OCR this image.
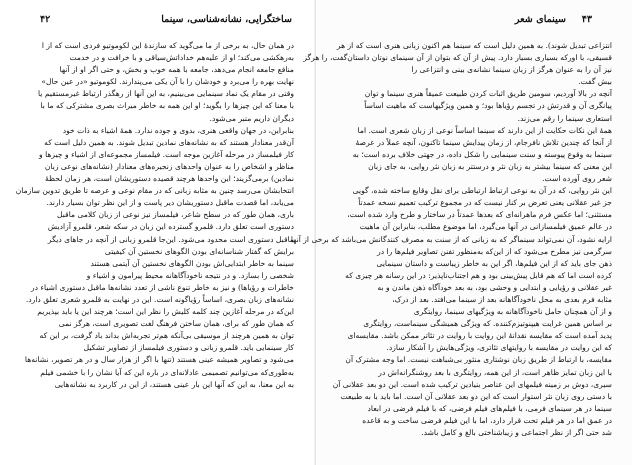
۴۲	ساختگرایی، نشانه‌شناسی، سینما
در همان حال، به برخی از ما می‌گوید که سازندهٔ این لکوموتیو فردی است که از ا
به‌رهکشی می‌کند؛ او از علیه‌هم خداداتش‌سیاقی و با خرافت و در خدمت
منافع جامعه انجام می‌دهد، جامعه با همه خوب و بخش، و حتی اگر او از آنها
نهایت بهره را می‌برد و خودشان را با آن یکی می‌پندارند. لکوموتیو «در عین حال»
وقتی در مقام یک نماد سینمایی می‌بینیم، به این آنها از رهگذر ارتباط غیرمستقیم یا
با معنا که این چیزها را بگوید؛ او این همه به خاطر میراث بصری مشترکی که ما با
دیگران داریم متبر می‌شود.
بنابراین، در جهان واقعی هنری، بدوی و جوده ندارد. همهٔ اشیاء به ذات خود
آن‌قدر معنادار هستند که به نشانه‌های نمادین تبدیل شوند. به همین دلیل است که
کار فیلمساز در مرحله آغازین موجه است. فیلمساز مجموعه‌ای از اشیاء و چیزها و
مناظر و اشخاص را به عنوان واحدهای زنجیره‌های معنادار (نشانه‌های نوعی زبان
نمادین) بر‌می‌گزیند؛ این واحدها هرچند قصیده دستوریشان است، هر زمان لحظهٔ
انتخابشان می‌رسد چنین به مثابه زبانی که در مقام نوعی و عرصه تا طریق تدوین سازمان
می‌یابد، اما قصدت ماقبل دستوریشان دیر پاست و از این نظر توان بسیار دارند.
باری، همان طور که در سطح شاعر، فیلمساز نیز نوعی از زبان کلامی ماقبل
دستوری است تعلق دارد. قلمرو گسترده این زبان در سکه شعر، قلمرو آزادیش
ماقبل دستوری است محدود می‌شود. این‌جا قلمرو زبانی از آنچه در جاهای دیگر
برایش که گفتار شناسانه‌ای بودن الگوهای نخستین آن کیفیتی
سینما به خاطر ابتدایی‌اش بودن الگوهای نخستین آن آیتمی هستند
شخصی را بسازد. و در نتیجه ناخودآگاهانه محیط پیرامون و اشیاء و
خاطرات و رؤیاها) و نیز به خاطر تنوع ناشی از تعدد نشانه‌ها ماقبل دستوری اشیاء در
نشانه‌های زبان بصری، اساساً رؤیاگونه است. این در نهایت به قلمرو شعری تعلق دارد.
این‌که در مرحله آغازین چند کلمه کلیش را نظر این است؛ هرچند این یا باید بپذیریم
که همان طور که برای، همان ساختن فرهنگ لغت تصویری است، هرگز نمی
توان به همین هرچند از موسیقی بی‌آنکه هم‌تر تجربه‌اش بداند باد گرفت، بر این که
کار سینمایی باید. قلمرو زبانی و دستوری فیلمساز از تصاویر تشکیل
می‌شود و تصاویر همیشه عینی هستند (تنها با اگر از هزار سال و در هر تصویر، نشانه‌ها
به‌طوری‌که می‌توانیم تصمیمی عادلانه‌ای در باره این که آیا نشان را با خشمی فیلم
به این معنا، به این که آنها این بار عینی هستند، از این در کاربرد به نشانه‌هایی
۴۳
سینمای شعر
انتزاعی تبدیل شوند). به همین دلیل است که سینما هم اکنون زبانی هنری است که از هر
قسیقی، با اورکه بسیاری بسیار دارد. پیش از آن که بتوان از آن سینمای نوتان داستان‌گفت، را هرگز
نیز آن را به عنوان هرگز از زبان سینما نشانه‌ی بینی و انتزاعی را
بیش گفت.
آنچه در بالا آوردیم، سومین طریق اثبات کردن طبیعت عمیقاً هنری سینما و توان
پیانگری آن و قدرتش در تجسم رؤیاها بود؛ و همین ویژگیهاست که ماهیت اساساً
استعاری سینما را رقم می‌زند.
همهٔ این نکات حکایت از این دارند که سینما اساساً نوعی از زبان شعری است. اما
از آنجا که چندین تلاش نافرجام، از زمان پیدایش سینما تاکنون، آنچه عملاً در عرصهٔ
سینما به وقوع پیوسته و سنت سینمایی را شکل داده، در جهتی خلاف برده است؛ به
این معنی که سینما بیشتر به زبان نثر و درستتر به زبان نثر روایی، به جای زبان
شعر روی آورده است.
این نثر روایی، که در آن به نوعی ارتباط ارتباطی برای نقل وقایع ساخته شده، گویی
جز غیر عقلانی یعنی تعرض بر کنار نیست که در مجموع ترکیب تعمیم نسخه عمدتاً
مستثنی؛ اما عکس فرم ماهرانه‌ای که بعدها عمدتاً در ساختار و طرح وارد شده است،
در عالم عمیق فیلمسازانی در آنها می‌گیرد، اما موضوع مطلب، بنابراین آن ماهیت
ارایه نشود، آن نمی‌تواند سینماگر که به زبانی که از سنت به مصرف کنندگانش می‌باشد که برخی از آنها
سرگرمی نیز مطرح می‌شود که از این‌که به‌منظور تفنن تصاویر فیلم‌ها را در
ذهن جای باید که از این فیلم‌ها، اگر این به خاطر زیباست و داستان سینمایی
کرده است اما که هم قابل پیش‌بینی بود و هم اجتناب‌ناپذیر: در این رسانه هر چیزی که
غیر عقلانی و رؤیایی و ابتدایی و وحشی بود، به بعد خودآگاه ذهن ماندن و به
مثابه فرم بعدی به محل ناخودآگاهانه بعد از سینما می‌افتد. بعد از درک،
و از آن همچنان حامل ناخودآگاهانه به ویژگیهای سینما، روایتگری
بر اساس همین غرایت هیپنوتیزم‌کننده. که ویژگی همیشگی سینماست، روایتگری
پدید آمده است که مقایسه نقدانهٔ این روایت با روایت در تئاتر ممکن باشد. مقایسه‌ای
که این روایت در مقایسه با روایتهای تئاتری، ویژگی‌هایش را آشکار سازد.
مقایسه، با ارتباط از طریق زبان نوشتاری منثور بی‌شباهت نیست. اما وجه مشترک آن
با این زبان تمایز ظاهر است، از این همه، روایتگری با بعد روشنگرانه‌اش در
سیری، دوش بر زمینه فیلمهای این عناصر بنیادین ترکیب شده است. این دو بعد عقلانی آن
با دستی روی زبان نثر استوار است که این دو بعد عقلانی آن است. اما باید با به طبیعت
سینما در هر سینمای فرمی، با فیلم‌های فیلم فرضی، که با فیلم فرضی در ابعاد
در عمق اما در هر فیلم تحت قرار دارد، اما با این فیلم فرضی ساخت و به قاعده
شد حتی اگر از نظر اجتماعی و زیباشناختی بالغ و کامل باشد.
